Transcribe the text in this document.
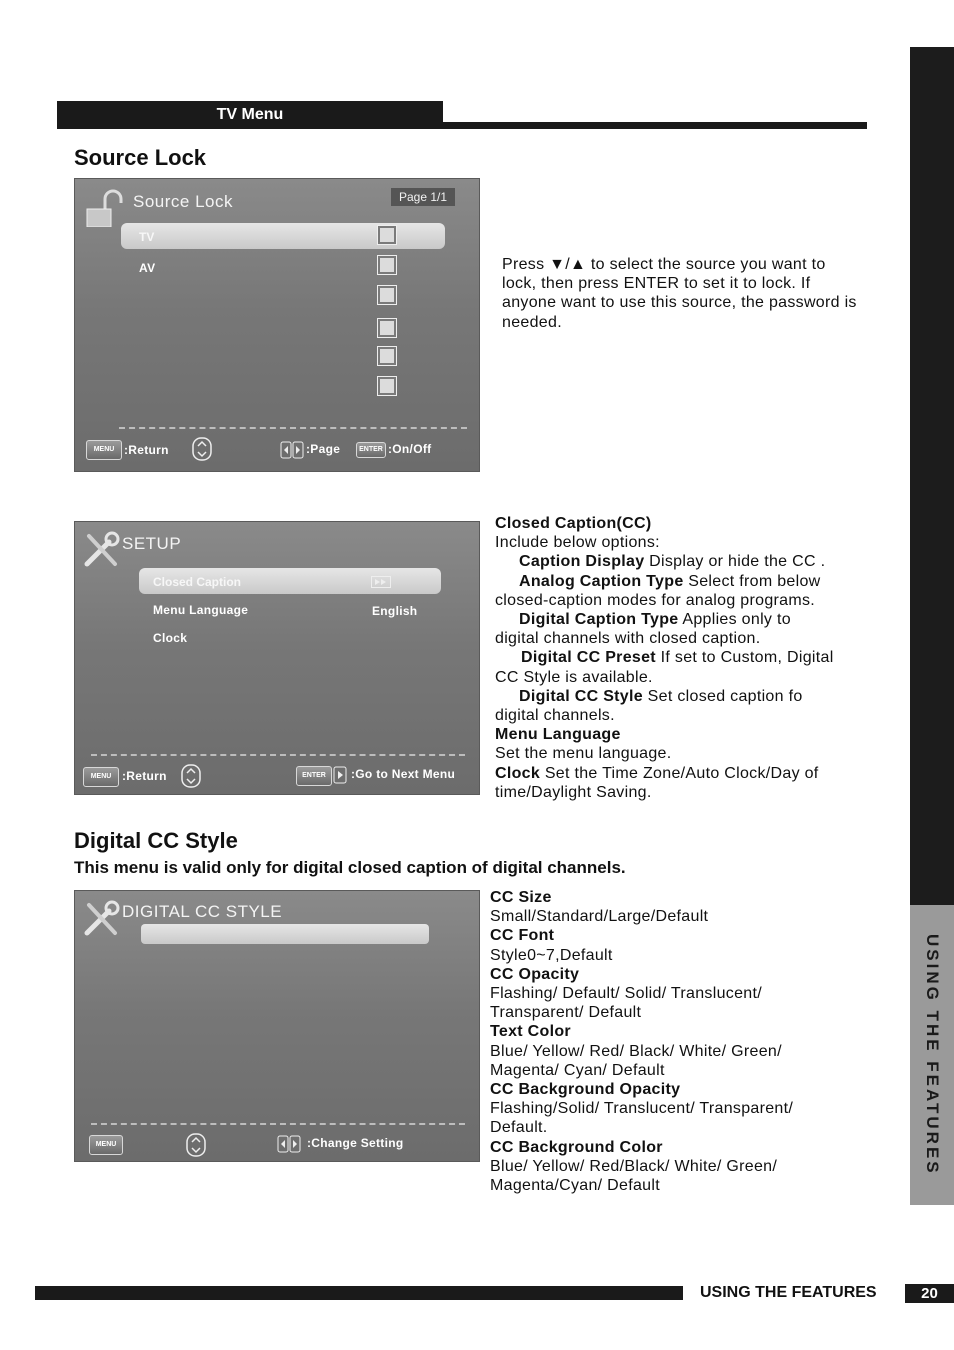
USING THE FEATURES
TV Menu
Source Lock
Source Lock	Page 1/1
TV
AV
MENU :Return	:Page	ENTER :On/Off
Press ▼/▲ to select the source you want to lock, then press ENTER to set it to lock. If anyone want to use this source, the password is needed.
SETUP
Closed Caption
Menu Language	English
Clock
MENU :Return	ENTER	:Go to Next Menu
Closed Caption(CC)
Include below options:
Caption Display Display or hide the CC .
Analog Caption Type Select from below
closed-caption modes for analog programs.
Digital Caption Type Applies only to
digital channels with closed caption.
Digital CC Preset If set to Custom, Digital
CC Style is available.
Digital CC Style Set closed caption fo
digital channels.
Menu Language
Set the menu language.
Clock Set the Time Zone/Auto Clock/Day of
time/Daylight Saving.
Digital CC Style
This menu is valid only for digital closed caption of digital channels.
DIGITAL CC STYLE
MENU	:Change Setting
CC Size
Small/Standard/Large/Default
CC Font
Style0~7,Default
CC Opacity
Flashing/ Default/ Solid/ Translucent/
Transparent/ Default
Text Color
Blue/ Yellow/ Red/ Black/ White/ Green/
Magenta/ Cyan/ Default
CC Background Opacity
Flashing/Solid/ Translucent/ Transparent/
Default.
CC Background Color
Blue/ Yellow/ Red/Black/ White/ Green/
Magenta/Cyan/ Default
USING THE FEATURES	20
